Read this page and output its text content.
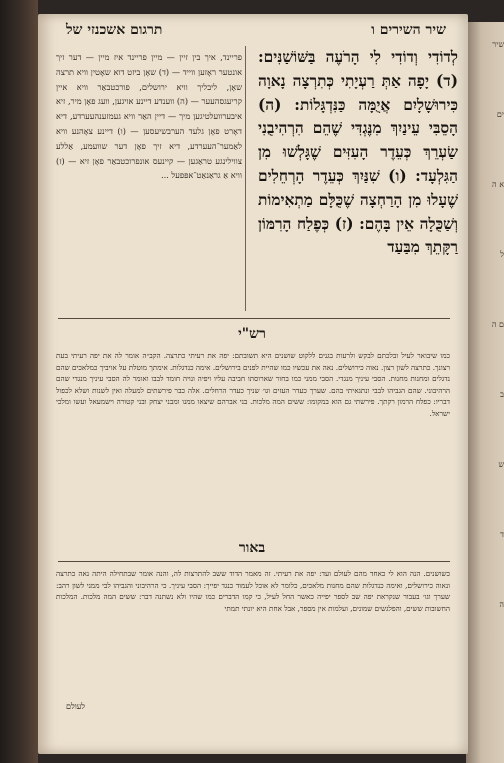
שיר
ים
א ה
ל
ם ה
ב
ש
ד
ה
שיר השירים ו
תרגום אשכנזי של
לְדוֹדִי וְדוֹדִי לִי הָרֹעֶה בַּשּׁוֹשַׁנִּים: (ד) יָפָה אַתְּ רַעְיָתִי כְּתִרְצָה נָאוָה כִּירוּשָׁלָיִם אֲיֻמָּה כַּנִּדְגָּלוֹת: (ה) הָסֵבִּי עֵינַיִךְ מִנֶּגְדִּי שֶׁהֵם הִרְהִיבֻנִי שַׂעְרֵךְ כְּעֵדֶר הָעִזִּים שֶׁגָּלְשׁוּ מִן הַגִּלְעָד: (ו) שִׁנַּיִךְ כְּעֵדֶר הָרְחֵלִים שֶׁעָלוּ מִן הָרַחְצָה שֶׁכֻּלָּם מַתְאִימוֹת וְשַׁכֻּלָה אֵין בָּהֶם: (ז) כְּפֶלַח הָרִמּוֹן רַקָּתֵךְ מִבַּעַד
פריינד, איך בין זיין — מיין פריינד איז מיין — דער זיך אונטער ראָזען ווייד — (ד) שאָן ביזט דוא שאָטין וויא תרצה שאָן, ליבליך וויא ירושלים, פורכטבאַר וויא איין קריעגסהעער — (ה) ווענדע דיינע אויגען, וועג פאָן מיר, זיא איבערוועלטיגען מיך — דיין האַר וויא געמזענהעערדע, דיא דאָרט פאָן גלעד הערבשיעסען — (ו) דיינע צאָהנע וויא לאַמער־העערדע, דיא זיך פאָן דער שוועמע, אַללע צווילינגע טראַגען — קיינעס אונפרוכטבאַר פאָן זיא — (ז) וויא אַ גראַנאַט־אפּפעל ...
רש"י
כמו שיבואר לעיל ובלכתם לבקש ולרעות בגנים ללקוט שושנים היא תשובתם: יפה את רעיתי כתרצה. הקב״ה אומר לה את יפה רעיתי בעת רצונך. כתרצה לשון רצון. נאוה כירושלים. נאה את עכשיו כמו שהיית לפנים בירושלים. אימה כנדגלות. אימתך מוטלת על אויביך כמלאכים שהם נדגלים ומחנות מחנות. הסבי עיניך מנגדי. הסבי ממני כמו בחור שארוסתו חביבה עליו ויפיה ונויה חומד לבבו ואומר לה הסבי עיניך מנגדי שהם הרהיבוני. שהם הגביהו לבבי ונתגאיתי בהם. שערך כעדר העזים וגו׳ שניך כעדר הרחלים. אלה כבר פירשתים למעלה ואין לשנות ושלא לכפול דבריו: כפלח הרמון רקתך. פירשתי גם הוא במקומו: ששים המה מלכות. בני אברהם שיצאו ממנו ומבני יצחק ובני קטורה וישמעאל ועשו ומלכי ישראל.
באור
כשושנים. הנה הוא לי כאחד מהם לעולם ועד: יפה את רעיתי. זה מאמר הדוד ששב להתרצות לה, והנה אומר שבתחילה היתה נאה כתרצה ונאוה כירושלים, ואימה כנדגלות שהם מחנות מלאכים, כלומר לא אוכל לעמוד כנגד יפייך: הסבי עיניך. כי הרהיבוני והגביהו לבי ממני לשון רהב: שערך וגו׳ בעבור שנקראת יפה שב לספר יפייה כאשר החל לעיל, כי קמו הדברים כמו שהיו ולא נשתנה דבר: ששים המה מלכות. המלכות החשובות ששים, והפלגשים שמונים, ועלמות אין מספר, אבל אחת היא יונתי תמתי
לעולם
